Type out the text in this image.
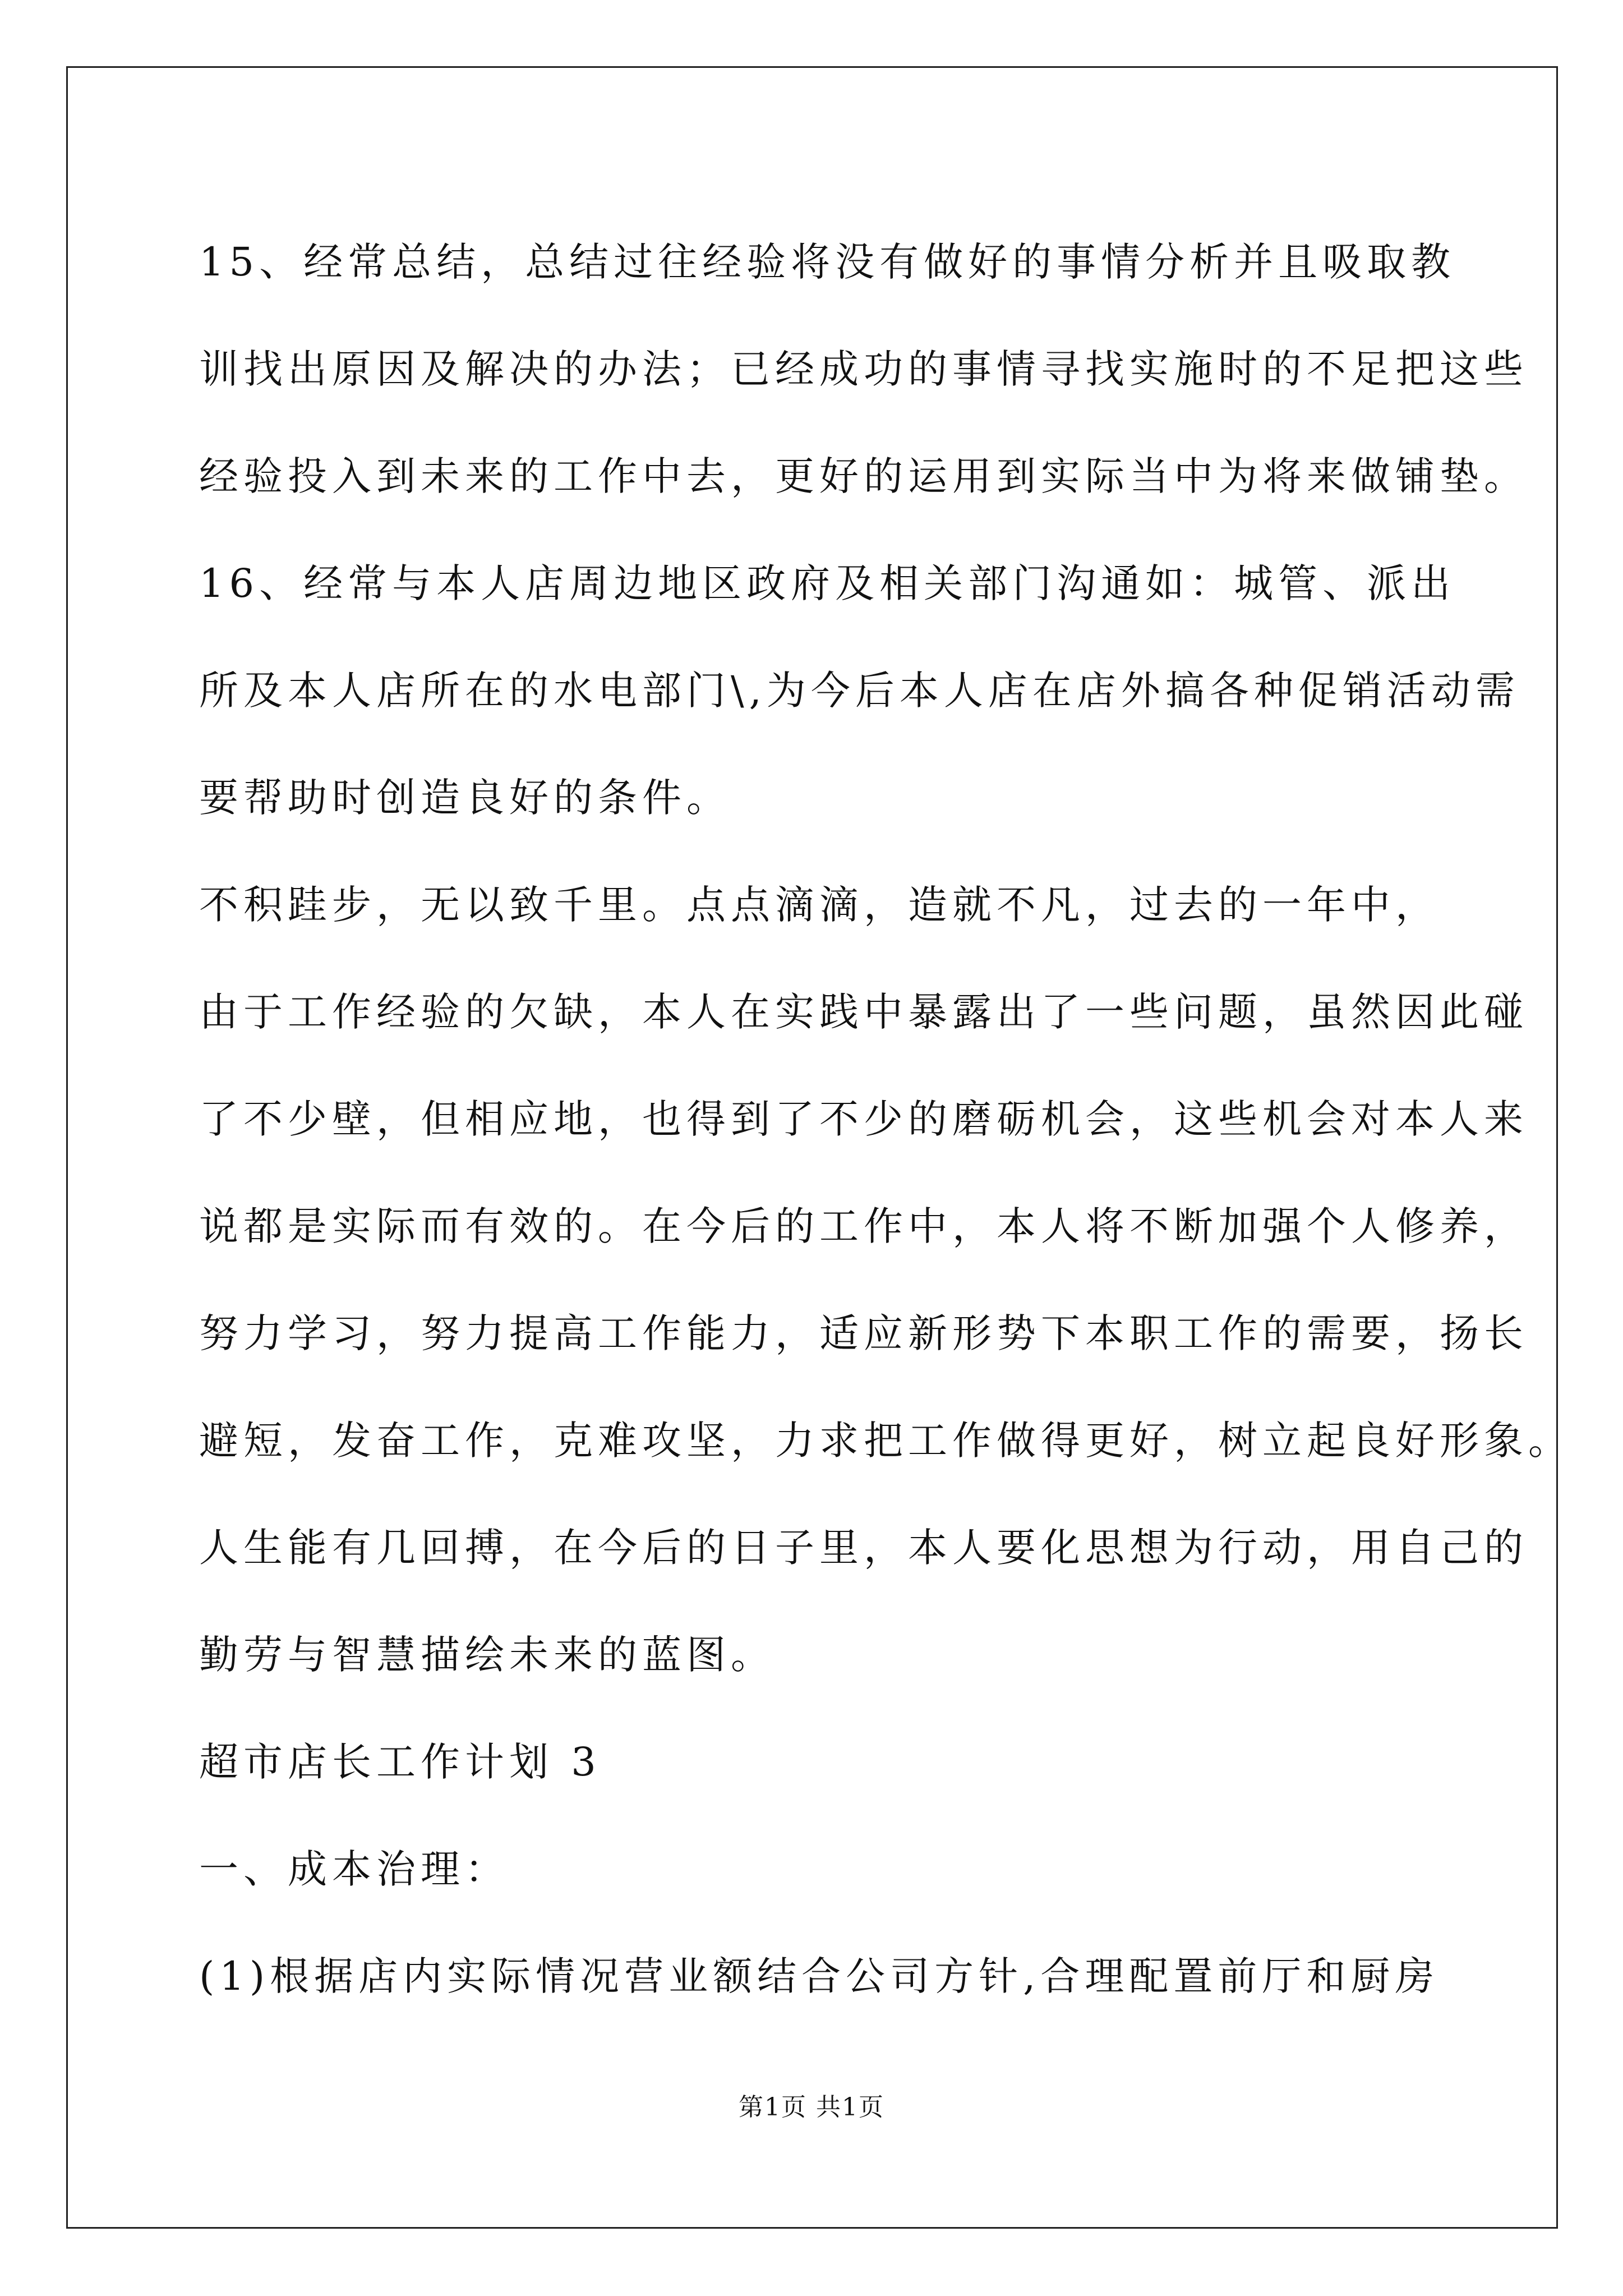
15、经常总结，总结过往经验将没有做好的事情分析并且吸取教
训找出原因及解决的办法；已经成功的事情寻找实施时的不足把这些
经验投入到未来的工作中去，更好的运用到实际当中为将来做铺垫。
16、经常与本人店周边地区政府及相关部门沟通如：城管、派出
所及本人店所在的水电部门\,为今后本人店在店外搞各种促销活动需
要帮助时创造良好的条件。
不积跬步，无以致千里。点点滴滴，造就不凡，过去的一年中，
由于工作经验的欠缺，本人在实践中暴露出了一些问题，虽然因此碰
了不少壁，但相应地，也得到了不少的磨砺机会，这些机会对本人来
说都是实际而有效的。在今后的工作中，本人将不断加强个人修养，
努力学习，努力提高工作能力，适应新形势下本职工作的需要，扬长
避短，发奋工作，克难攻坚，力求把工作做得更好，树立起良好形象。
人生能有几回搏，在今后的日子里，本人要化思想为行动，用自己的
勤劳与智慧描绘未来的蓝图。
超市店长工作计划 3
一、成本治理：
(1)根据店内实际情况营业额结合公司方针,合理配置前厅和厨房
第1页 共1页
